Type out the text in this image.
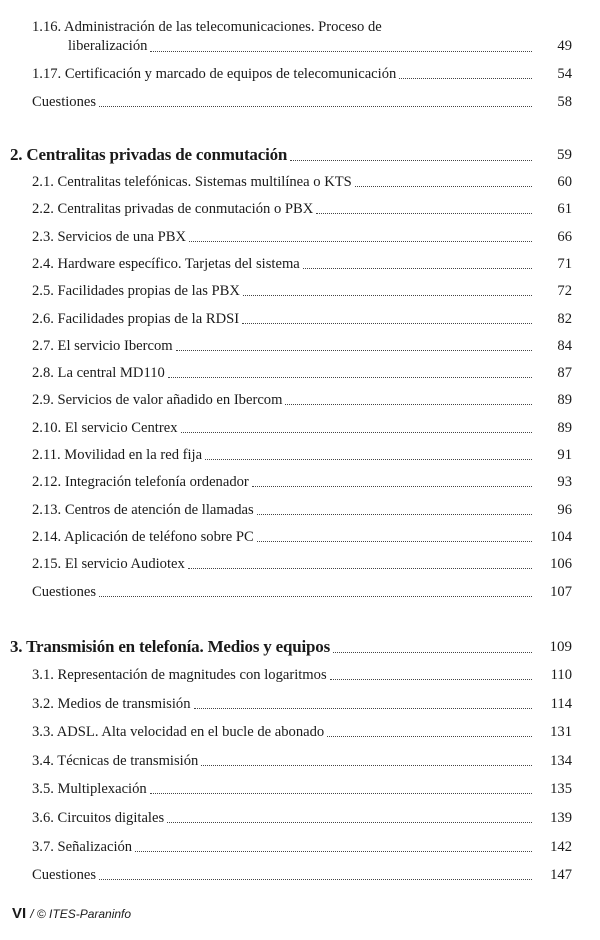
1.16. Administración de las telecomunicaciones. Proceso de
liberalización	49
1.17. Certificación y marcado de equipos de telecomunicación	54
Cuestiones	58
2. Centralitas privadas de conmutación	59
2.1. Centralitas telefónicas. Sistemas multilínea o KTS	60
2.2. Centralitas privadas de conmutación o PBX	61
2.3. Servicios de una PBX	66
2.4. Hardware específico. Tarjetas del sistema	71
2.5. Facilidades propias de las PBX	72
2.6. Facilidades propias de la RDSI	82
2.7. El servicio Ibercom	84
2.8. La central MD110	87
2.9. Servicios de valor añadido en Ibercom	89
2.10. El servicio Centrex	89
2.11. Movilidad en la red fija	91
2.12. Integración telefonía ordenador	93
2.13. Centros de atención de llamadas	96
2.14. Aplicación de teléfono sobre PC	104
2.15. El servicio Audiotex	106
Cuestiones	107
3. Transmisión en telefonía. Medios y equipos	109
3.1. Representación de magnitudes con logaritmos	110
3.2. Medios de transmisión	114
3.3. ADSL. Alta velocidad en el bucle de abonado	131
3.4. Técnicas de transmisión	134
3.5. Multiplexación	135
3.6. Circuitos digitales	139
3.7. Señalización	142
Cuestiones	147
VI / © ITES-Paraninfo
